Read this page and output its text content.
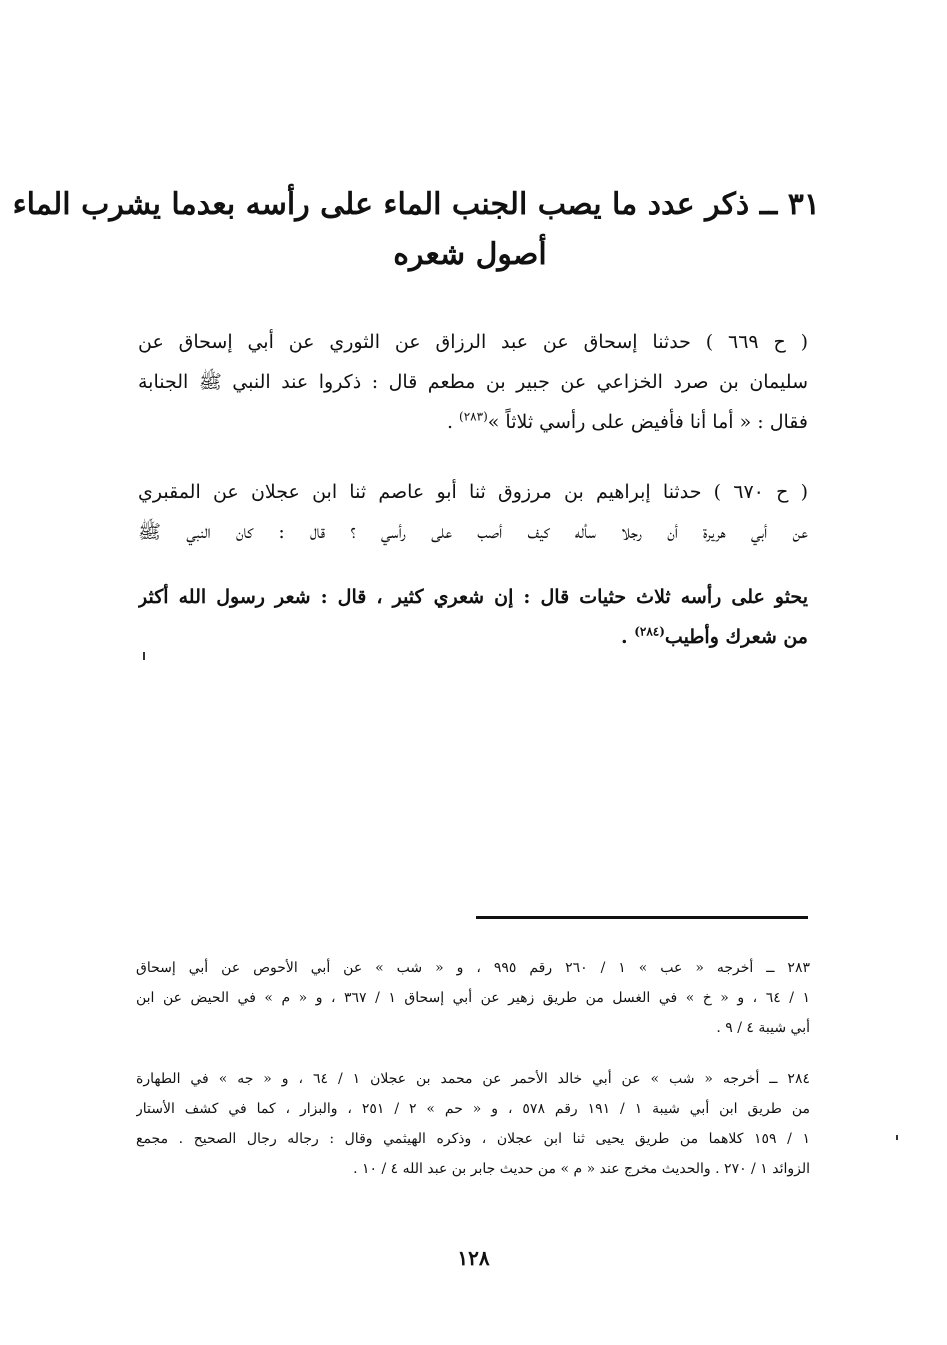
٣١ ــ ذكر عدد ما يصب الجنب الماء على رأسه بعدما يشرب الماء
أصول شعره
( ح ٦٦٩ ) حدثنا إسحاق عن عبد الرزاق عن الثوري عن أبي إسحاق عن
سليمان بن صرد الخزاعي عن جبير بن مطعم قال : ذكروا عند النبي ﷺ الجنابة
فقال : « أما أنا فأفيض على رأسي ثلاثاً »$^{(٢٨٣)}$ .
( ح ٦٧٠ ) حدثنا إبراهيم بن مرزوق ثنا أبو عاصم ثنا ابن عجلان عن المقبري
عن أبي هريرة أن رجلا سأله كيف أصب على رأسي ؟ قال : كان النبي ﷺ
يحثو على رأسه ثلاث حثيات قال : إن شعري كثير ، قال : شعر رسول الله أكثر
من شعرك وأطيب$^{(٢٨٤)}$ .
٢٨٣ ــ أخرجه « عب » ١ / ٢٦٠ رقم ٩٩٥ ، و « شب » عن أبي الأحوص عن أبي إسحاق
١ / ٦٤ ، و « خ » في الغسل من طريق زهير عن أبي إسحاق ١ / ٣٦٧ ، و « م » في الحيض عن ابن
أبي شيبة ٤ / ٩ .
٢٨٤ ــ أخرجه « شب » عن أبي خالد الأحمر عن محمد بن عجلان ١ / ٦٤ ، و « جه » في الطهارة
من طريق ابن أبي شيبة ١ / ١٩١ رقم ٥٧٨ ، و « حم » ٢ / ٢٥١ ، والبزار ، كما في كشف الأستار
١ / ١٥٩ كلاهما من طريق يحيى ثنا ابن عجلان ، وذكره الهيثمي وقال : رجاله رجال الصحيح . مجمع
الزوائد ١ / ٢٧٠ . والحديث مخرج عند « م » من حديث جابر بن عبد الله ٤ / ١٠ .
١٢٨
